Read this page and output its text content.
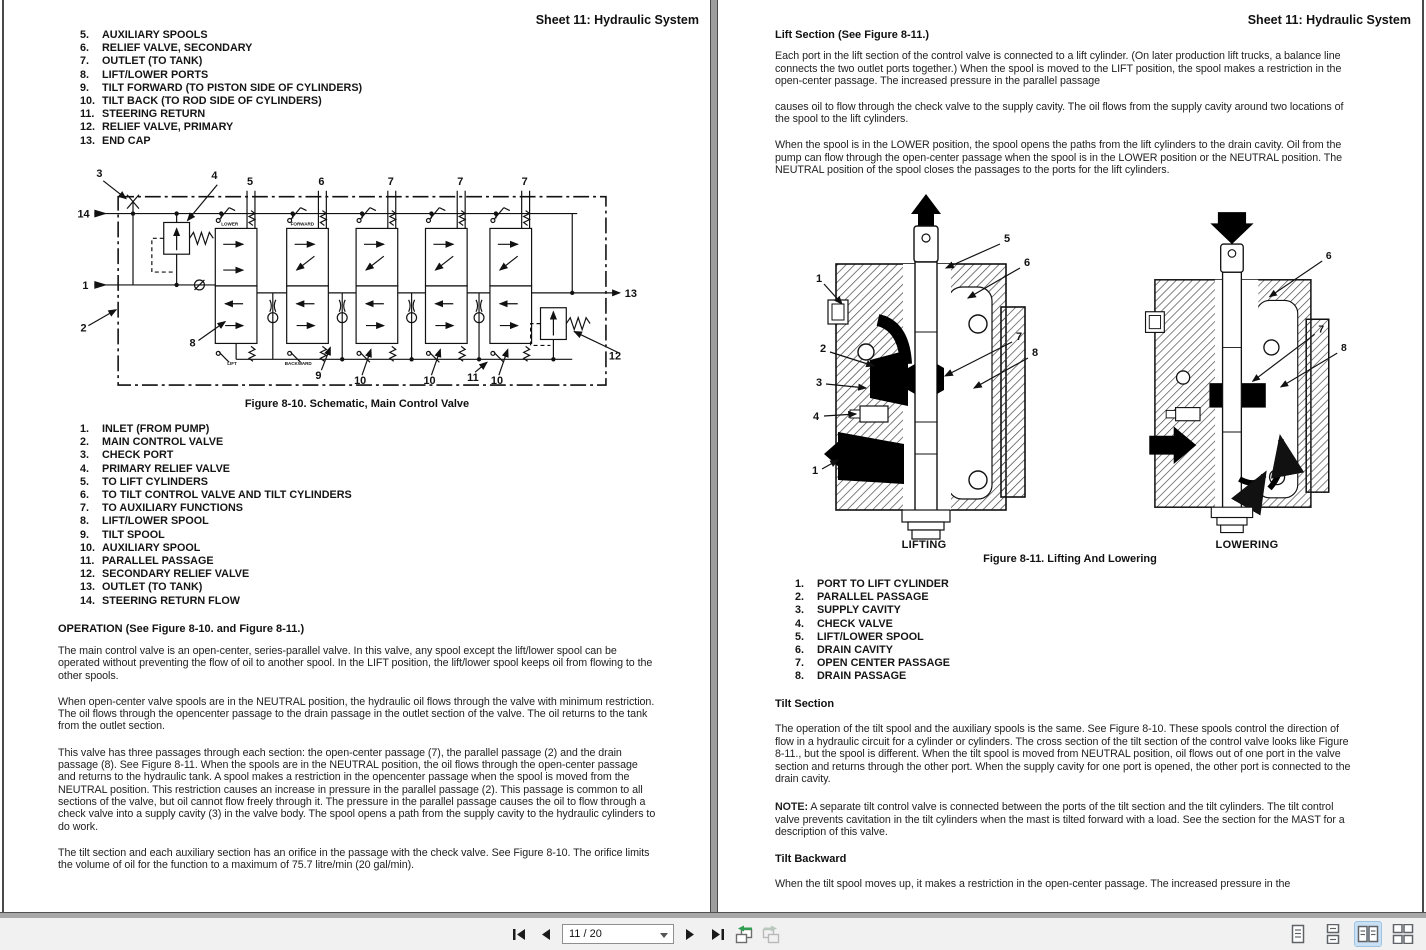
Sheet 11: Hydraulic System
5.	AUXILIARY SPOOLS
6.	RELIEF VALVE, SECONDARY
7.	OUTLET (TO TANK)
8.	LIFT/LOWER PORTS
9.	TILT FORWARD (TO PISTON SIDE OF CYLINDERS)
10. TILT BACK (TO ROD SIDE OF CYLINDERS)
11. STEERING RETURN
12. RELIEF VALVE, PRIMARY
13. END CAP
3	4	5	6	7	7	7
14
1
2
8
9	10	10	11 10
13
12
LOWER	FORWARD
LIFT	BACKWARD
Figure 8-10. Schematic, Main Control Valve
1.	INLET (FROM PUMP)
2.	MAIN CONTROL VALVE
3.	CHECK PORT
4.	PRIMARY RELIEF VALVE
5.	TO LIFT CYLINDERS
6.	TO TILT CONTROL VALVE AND TILT CYLINDERS
7.	TO AUXILIARY FUNCTIONS
8.	LIFT/LOWER SPOOL
9.	TILT SPOOL
10. AUXILIARY SPOOL
11. PARALLEL PASSAGE
12. SECONDARY RELIEF VALVE
13. OUTLET (TO TANK)
14. STEERING RETURN FLOW
OPERATION (See Figure 8-10. and Figure 8-11.)

The main control valve is an open-center, series-parallel valve. In this valve, any spool except the lift/lower spool can be operated without preventing the flow of oil to another spool. In the LIFT position, the lift/lower spool keeps oil from flowing to the other spools.

When open-center valve spools are in the NEUTRAL position, the hydraulic oil flows through the valve with minimum restriction. The oil flows through the opencenter passage to the drain passage in the outlet section of the valve. The oil returns to the tank from the outlet section.

This valve has three passages through each section: the open-center passage (7), the parallel passage (2) and the drain passage (8). See Figure 8-11. When the spools are in the NEUTRAL position, the oil flows through the open-center passage and returns to the hydraulic tank. A spool makes a restriction in the opencenter passage when the spool is moved from the NEUTRAL position. This restriction causes an increase in pressure in the parallel passage (2). This passage is common to all sections of the valve, but oil cannot flow freely through it. The pressure in the parallel passage causes the oil to flow through a check valve into a supply cavity (3) in the valve body. The spool opens a path from the supply cavity to the hydraulic cylinders to do work.

The tilt section and each auxiliary section has an orifice in the passage with the check valve. See Figure 8-10. The orifice limits the volume of oil for the function to a maximum of 75.7 litre/min (20 gal/min).

Sheet 11: Hydraulic System
Lift Section (See Figure 8-11.)

Each port in the lift section of the control valve is connected to a lift cylinder. (On later production lift trucks, a balance line connects the two outlet ports together.) When the spool is moved to the LIFT position, the spool makes a restriction in the open-center passage. The increased pressure in the parallel passage

causes oil to flow through the check valve to the supply cavity. The oil flows from the supply cavity around two locations of the spool to the lift cylinders.

When the spool is in the LOWER position, the spool opens the paths from the lift cylinders to the drain cavity. Oil from the pump can flow through the open-center passage when the spool is in the LOWER position or the NEUTRAL position. The NEUTRAL position of the spool closes the passages to the ports for the lift cylinders.

1
2
3
4
1
5
6
7
8
6
7
8
LIFTING	LOWERING
Figure 8-11. Lifting And Lowering
1.	PORT TO LIFT CYLINDER
2.	PARALLEL PASSAGE
3.	SUPPLY CAVITY
4.	CHECK VALVE
5.	LIFT/LOWER SPOOL
6.	DRAIN CAVITY
7.	OPEN CENTER PASSAGE
8.	DRAIN PASSAGE
Tilt Section

The operation of the tilt spool and the auxiliary spools is the same. See Figure 8-10. These spools control the direction of flow in a hydraulic circuit for a cylinder or cylinders. The cross section of the tilt section of the control valve looks like Figure 8-11., but the spool is different. When the tilt spool is moved from NEUTRAL position, oil flows out of one port in the valve section and returns through the other port. When the supply cavity for one port is opened, the other port is connected to the drain cavity.

NOTE: A separate tilt control valve is connected between the ports of the tilt section and the tilt cylinders. The tilt control valve prevents cavitation in the tilt cylinders when the mast is tilted forward with a load. See the section for the MAST for a description of this valve.

Tilt Backward

When the tilt spool moves up, it makes a restriction in the open-center passage. The increased pressure in the

11 / 20
